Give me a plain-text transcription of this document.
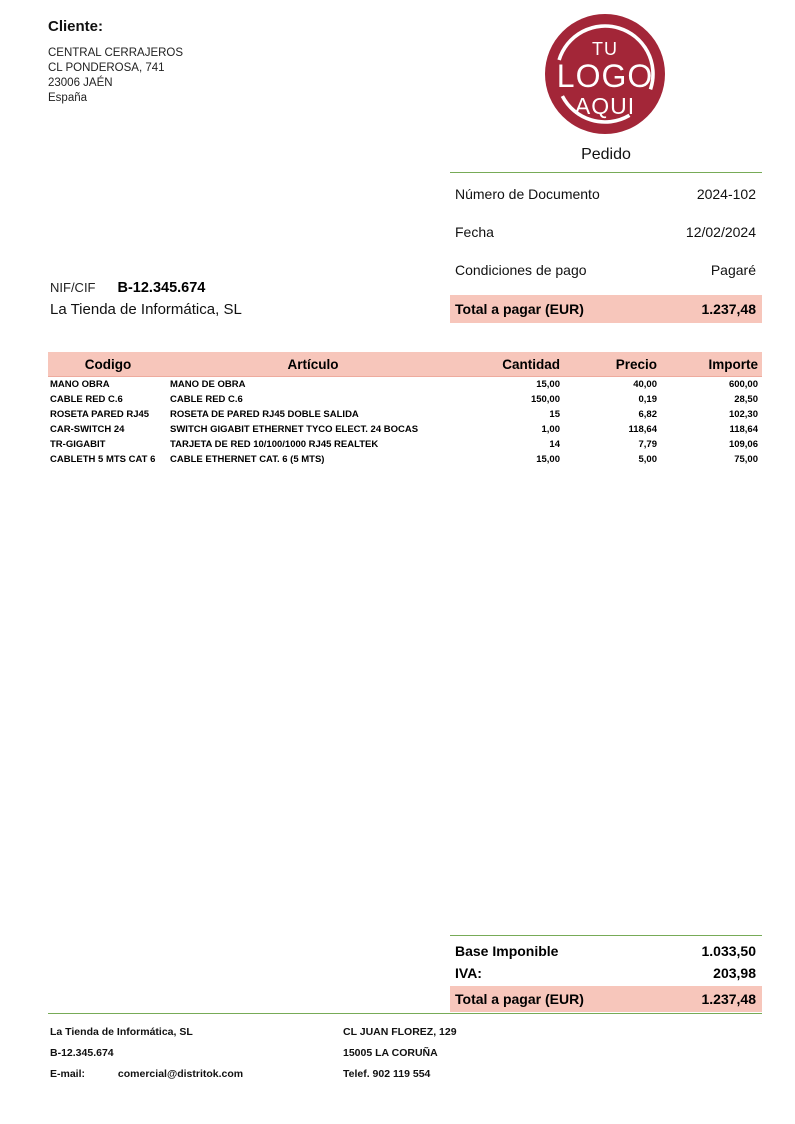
Cliente:
CENTRAL CERRAJEROS
CL PONDEROSA, 741
23006 JAÉN
España
TU
LOGO
AQUI
Pedido
Número de Documento	2024-102
Fecha	12/02/2024
Condiciones de pago	Pagaré
Total a pagar (EUR)	1.237,48
NIF/CIF B-12.345.674
La Tienda de Informática, SL
Codigo	Artículo	Cantidad	Precio	Importe
MANO OBRA	MANO DE OBRA	15,00	40,00	600,00
CABLE RED C.6	CABLE RED C.6	150,00	0,19	28,50
ROSETA PARED RJ45	ROSETA DE PARED RJ45 DOBLE SALIDA	15	6,82	102,30
CAR-SWITCH 24	SWITCH GIGABIT ETHERNET TYCO ELECT. 24 BOCAS	1,00	118,64	118,64
TR-GIGABIT	TARJETA DE RED 10/100/1000 RJ45 REALTEK	14	7,79	109,06
CABLETH 5 MTS CAT 6	CABLE ETHERNET CAT. 6 (5 MTS)	15,00	5,00	75,00
Base Imponible	1.033,50
IVA:	203,98
Total a pagar (EUR)	1.237,48
La Tienda de Informática, SL
B-12.345.674
E-mail:	comercial@distritok.com
CL JUAN FLOREZ, 129
15005 LA CORUÑA
Telef. 902 119 554
